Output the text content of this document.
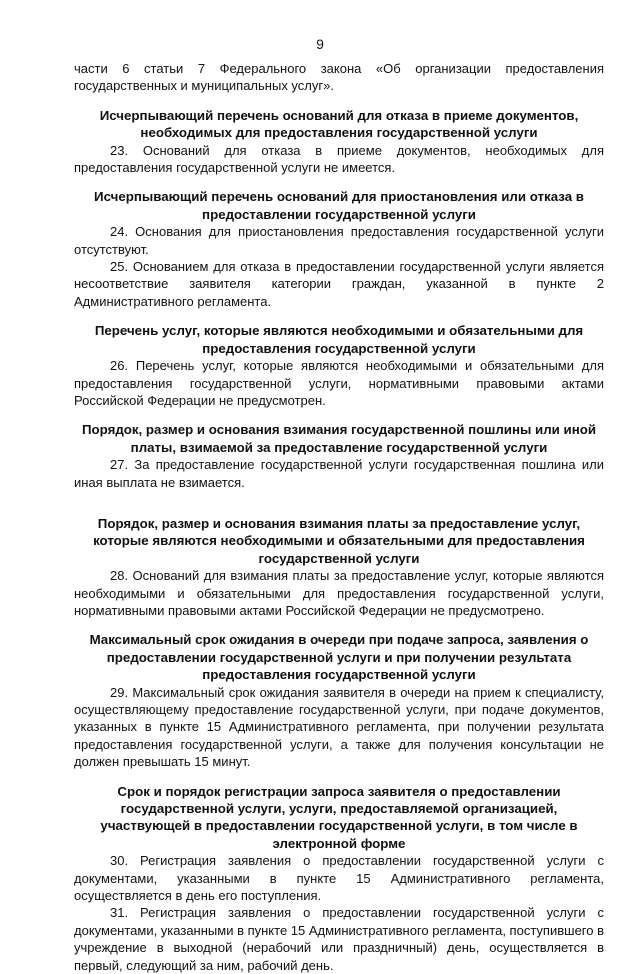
9

части 6 статьи 7 Федерального закона «Об организации предоставления государственных и муниципальных услуг».

Исчерпывающий перечень оснований для отказа в приеме документов, необходимых для предоставления государственной услуги

23. Оснований для отказа в приеме документов, необходимых для предоставления государственной услуги не имеется.

Исчерпывающий перечень оснований для приостановления или отказа в предоставлении государственной услуги

24. Основания для приостановления предоставления государственной услуги отсутствуют.

25. Основанием для отказа в предоставлении государственной услуги является несоответствие заявителя категории граждан, указанной в пункте 2 Административного регламента.

Перечень услуг, которые являются необходимыми и обязательными для предоставления государственной услуги

26. Перечень услуг, которые являются необходимыми и обязательными для предоставления государственной услуги, нормативными правовыми актами Российской Федерации не предусмотрен.

Порядок, размер и основания взимания государственной пошлины или иной платы, взимаемой за предоставление государственной услуги

27. За предоставление государственной услуги государственная пошлина или иная выплата не взимается.

Порядок, размер и основания взимания платы за предоставление услуг, которые являются необходимыми и обязательными для предоставления государственной услуги

28. Оснований для взимания платы за предоставление услуг, которые являются необходимыми и обязательными для предоставления государственной услуги, нормативными правовыми актами Российской Федерации не предусмотрено.

Максимальный срок ожидания в очереди при подаче запроса, заявления о предоставлении государственной услуги и при получении результата предоставления государственной услуги

29. Максимальный срок ожидания заявителя в очереди на прием к специалисту, осуществляющему предоставление государственной услуги, при подаче документов, указанных в пункте 15 Административного регламента, при получении результата предоставления государственной услуги, а также для получения консультации не должен превышать 15 минут.

Срок и порядок регистрации запроса заявителя о предоставлении государственной услуги, услуги, предоставляемой организацией, участвующей в предоставлении государственной услуги, в том числе в электронной форме

30. Регистрация заявления о предоставлении государственной услуги с документами, указанными в пункте 15 Административного регламента, осуществляется в день его поступления.

31. Регистрация заявления о предоставлении государственной услуги с документами, указанными в пункте 15 Административного регламента, поступившего в учреждение в выходной (нерабочий или праздничный) день, осуществляется в первый, следующий за ним, рабочий день.
